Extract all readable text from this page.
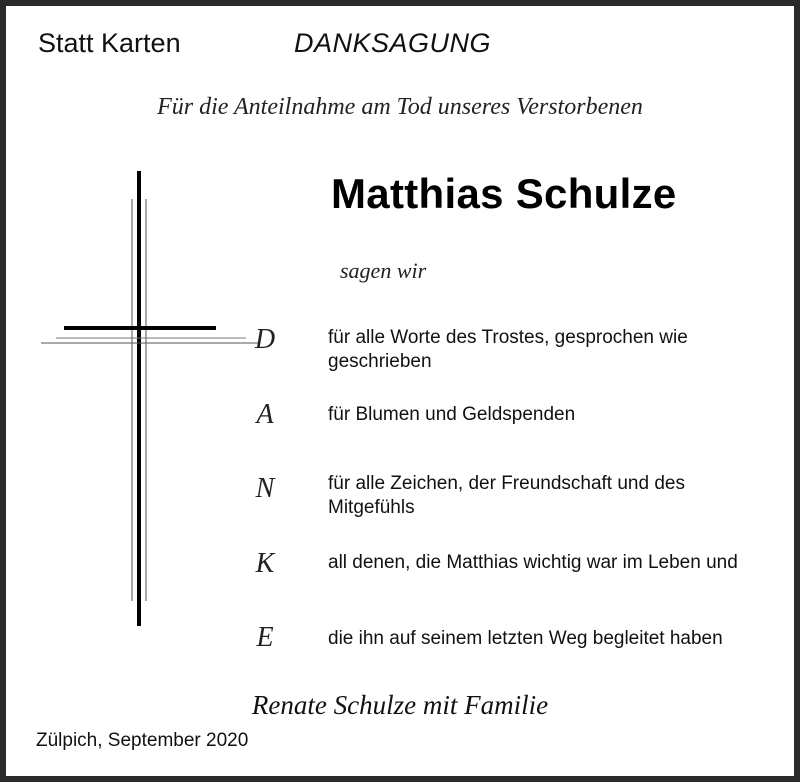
Statt Karten	DANKSAGUNG
Für die Anteilnahme am Tod unseres Verstorbenen
Matthias Schulze
sagen wir
D	für alle Worte des Trostes, gesprochen wie geschrieben
A	für Blumen und Geldspenden
N	für alle Zeichen, der Freundschaft und des Mitgefühls
K	all denen, die Matthias wichtig war im Leben und
E	die ihn auf seinem letzten Weg begleitet haben
Renate Schulze mit Familie
Zülpich, September 2020
